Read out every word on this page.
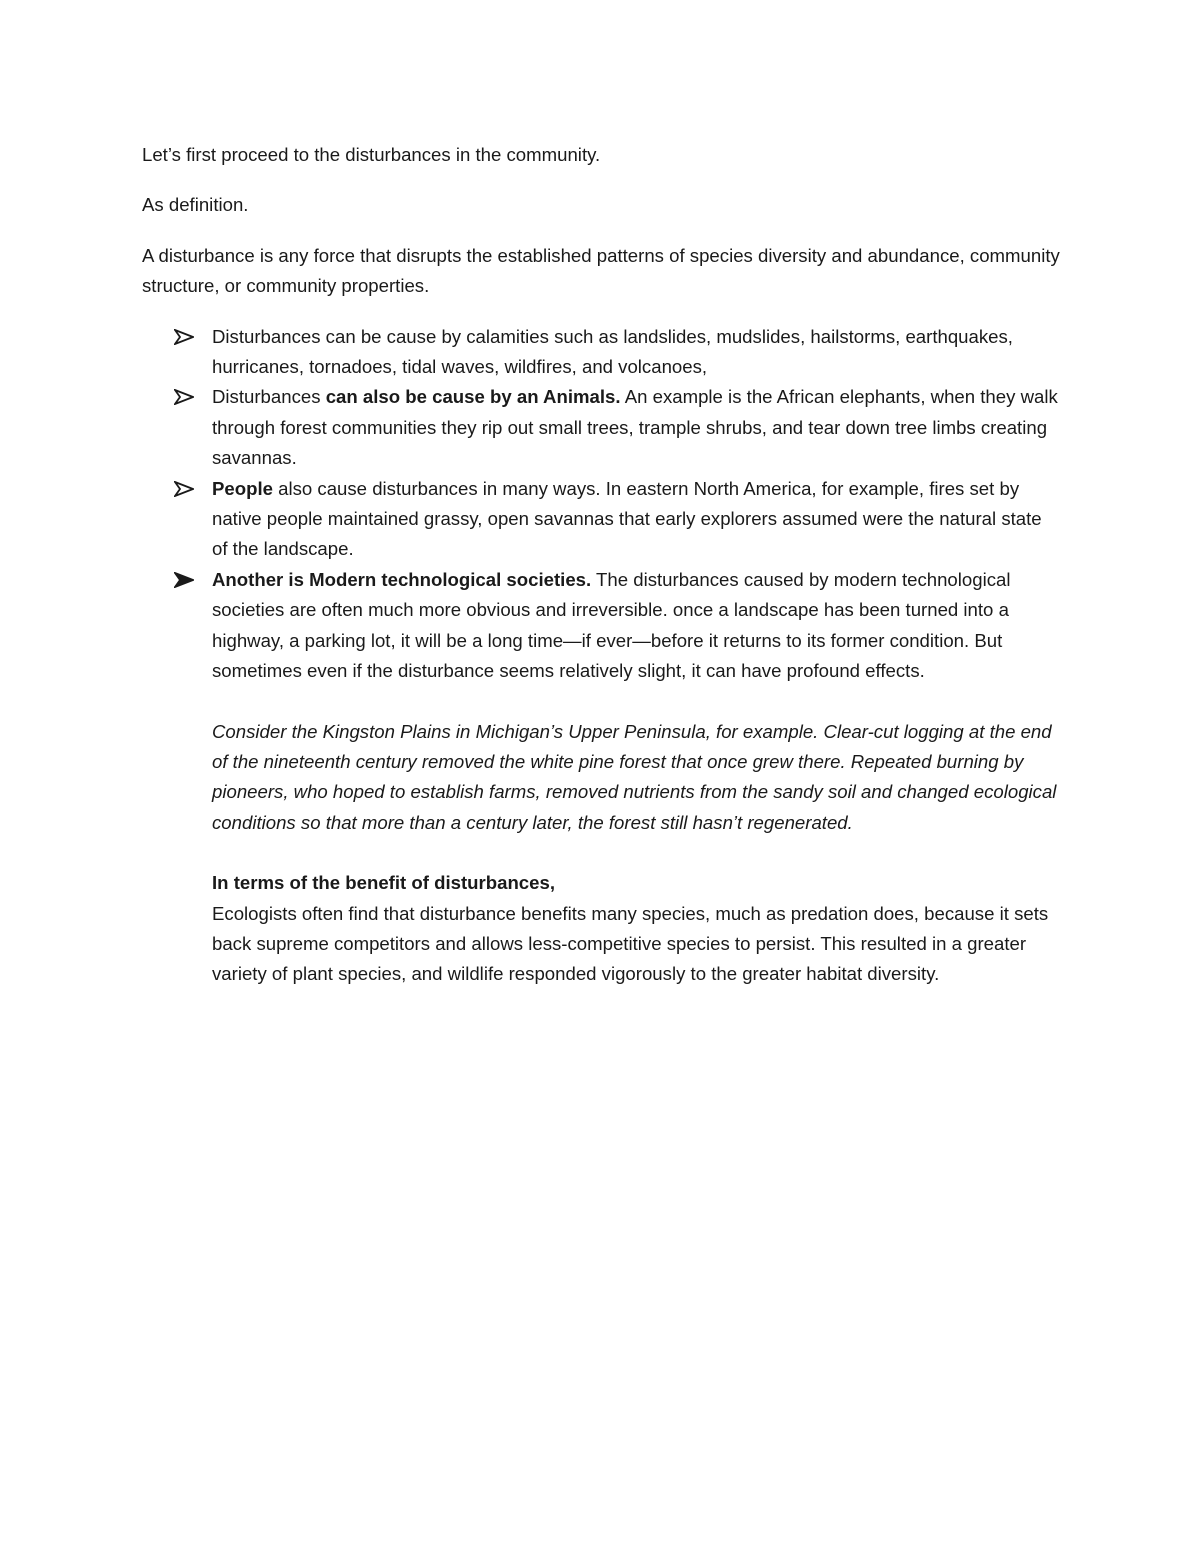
Let’s first proceed to the disturbances in the community.

As definition.

A disturbance is any force that disrupts the established patterns of species diversity and abundance, community structure, or community properties.

Disturbances can be cause by calamities such as landslides, mudslides, hailstorms, earthquakes, hurricanes, tornadoes, tidal waves, wildfires, and volcanoes,
Disturbances can also be cause by an Animals. An example is the African elephants, when they walk through forest communities they rip out small trees, trample shrubs, and tear down tree limbs creating savannas.
People also cause disturbances in many ways. In eastern North America, for example, fires set by native people maintained grassy, open savannas that early explorers assumed were the natural state of the landscape.
Another is Modern technological societies. The disturbances caused by modern technological societies are often much more obvious and irreversible. once a landscape has been turned into a highway, a parking lot, it will be a long time—if ever—before it returns to its former condition. But sometimes even if the disturbance seems relatively slight, it can have profound effects.

Consider the Kingston Plains in Michigan’s Upper Peninsula, for example. Clear-cut logging at the end of the nineteenth century removed the white pine forest that once grew there. Repeated burning by pioneers, who hoped to establish farms, removed nutrients from the sandy soil and changed ecological conditions so that more than a century later, the forest still hasn’t regenerated.

In terms of the benefit of disturbances,

Ecologists often find that disturbance benefits many species, much as predation does, because it sets back supreme competitors and allows less-competitive species to persist. This resulted in a greater variety of plant species, and wildlife responded vigorously to the greater habitat diversity.
